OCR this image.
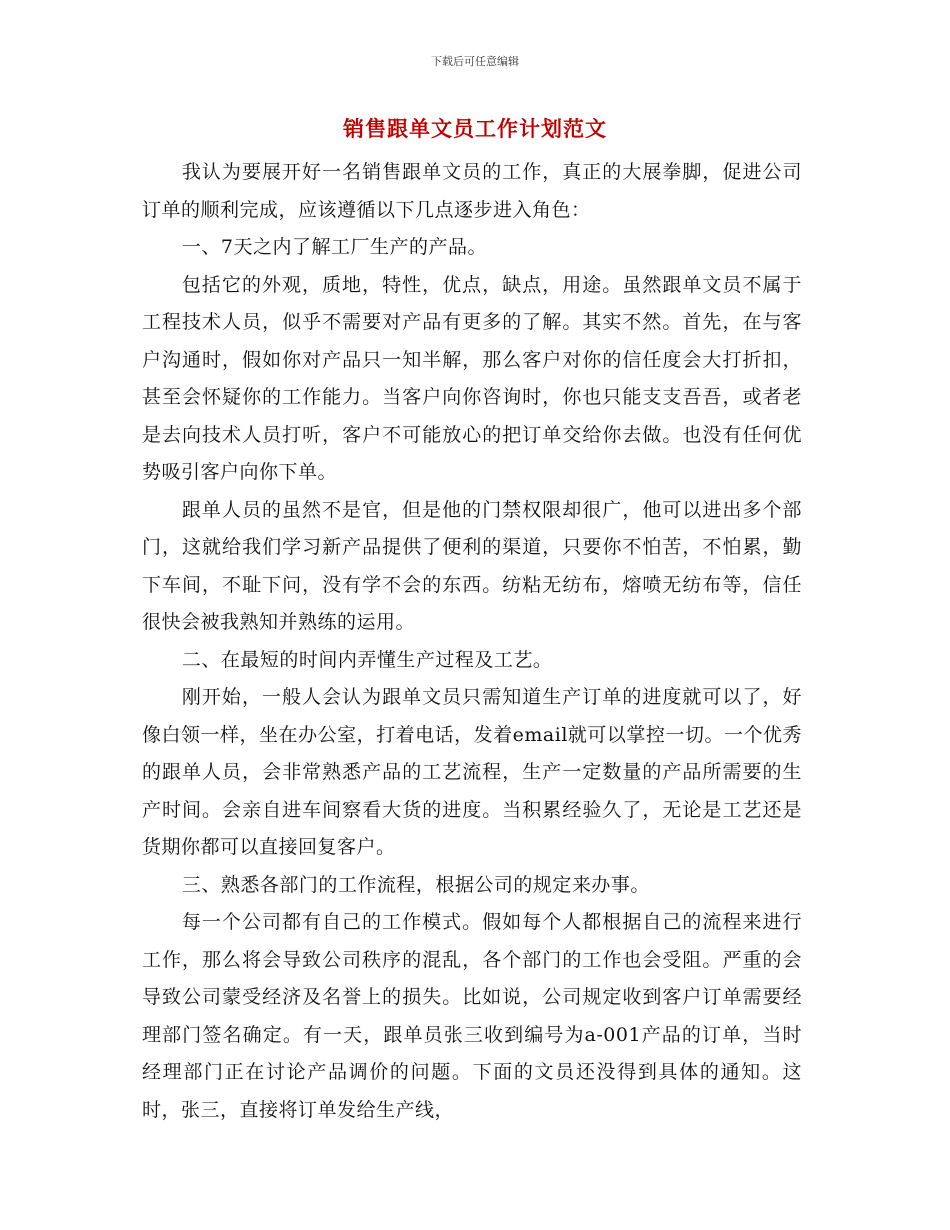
下载后可任意编辑
销售跟单文员工作计划范文

我认为要展开好一名销售跟单文员的工作，真正的大展拳脚，促进公司订单的顺利完成，应该遵循以下几点逐步进入角色：

一、7天之内了解工厂生产的产品。

包括它的外观，质地，特性，优点，缺点，用途。虽然跟单文员不属于工程技术人员，似乎不需要对产品有更多的了解。其实不然。首先，在与客户沟通时，假如你对产品只一知半解，那么客户对你的信任度会大打折扣，甚至会怀疑你的工作能力。当客户向你咨询时，你也只能支支吾吾，或者老是去向技术人员打听，客户不可能放心的把订单交给你去做。也没有任何优势吸引客户向你下单。

跟单人员的虽然不是官，但是他的门禁权限却很广，他可以进出多个部门，这就给我们学习新产品提供了便利的渠道，只要你不怕苦，不怕累，勤下车间，不耻下问，没有学不会的东西。纺粘无纺布，熔喷无纺布等，信任很快会被我熟知并熟练的运用。

二、在最短的时间内弄懂生产过程及工艺。

刚开始，一般人会认为跟单文员只需知道生产订单的进度就可以了，好像白领一样，坐在办公室，打着电话，发着email就可以掌控一切。一个优秀的跟单人员，会非常熟悉产品的工艺流程，生产一定数量的产品所需要的生产时间。会亲自进车间察看大货的进度。当积累经验久了，无论是工艺还是货期你都可以直接回复客户。

三、熟悉各部门的工作流程，根据公司的规定来办事。

每一个公司都有自己的工作模式。假如每个人都根据自己的流程来进行工作，那么将会导致公司秩序的混乱，各个部门的工作也会受阻。严重的会导致公司蒙受经济及名誉上的损失。比如说，公司规定收到客户订单需要经理部门签名确定。有一天，跟单员张三收到编号为a-001产品的订单，当时经理部门正在讨论产品调价的问题。下面的文员还没得到具体的通知。这时，张三，直接将订单发给生产线，
